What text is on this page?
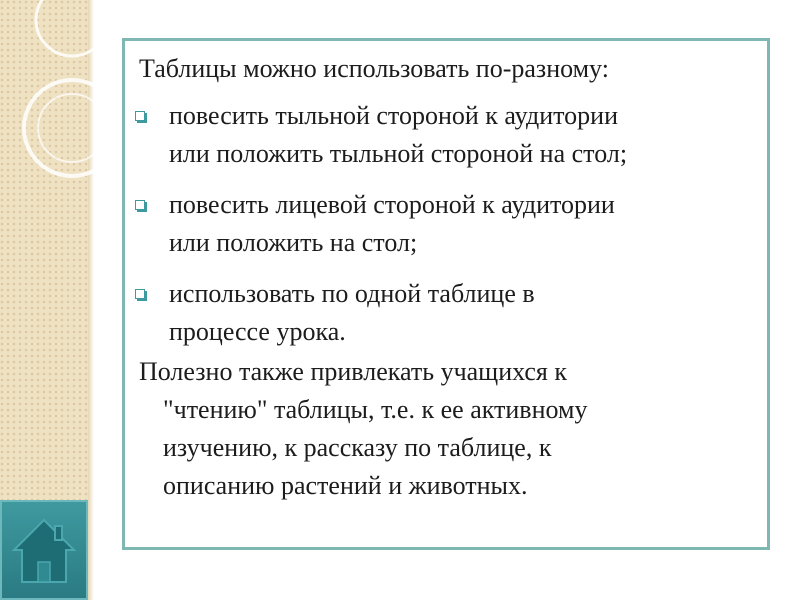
Таблицы можно использовать по-разному:
повесить тыльной стороной к аудитории
или положить тыльной стороной на стол;
повесить лицевой стороной к аудитории
или положить на стол;
использовать по одной таблице в
процессе урока.
Полезно также привлекать учащихся к
"чтению" таблицы, т.е. к ее активному
изучению, к рассказу по таблице, к
описанию растений и животных.
